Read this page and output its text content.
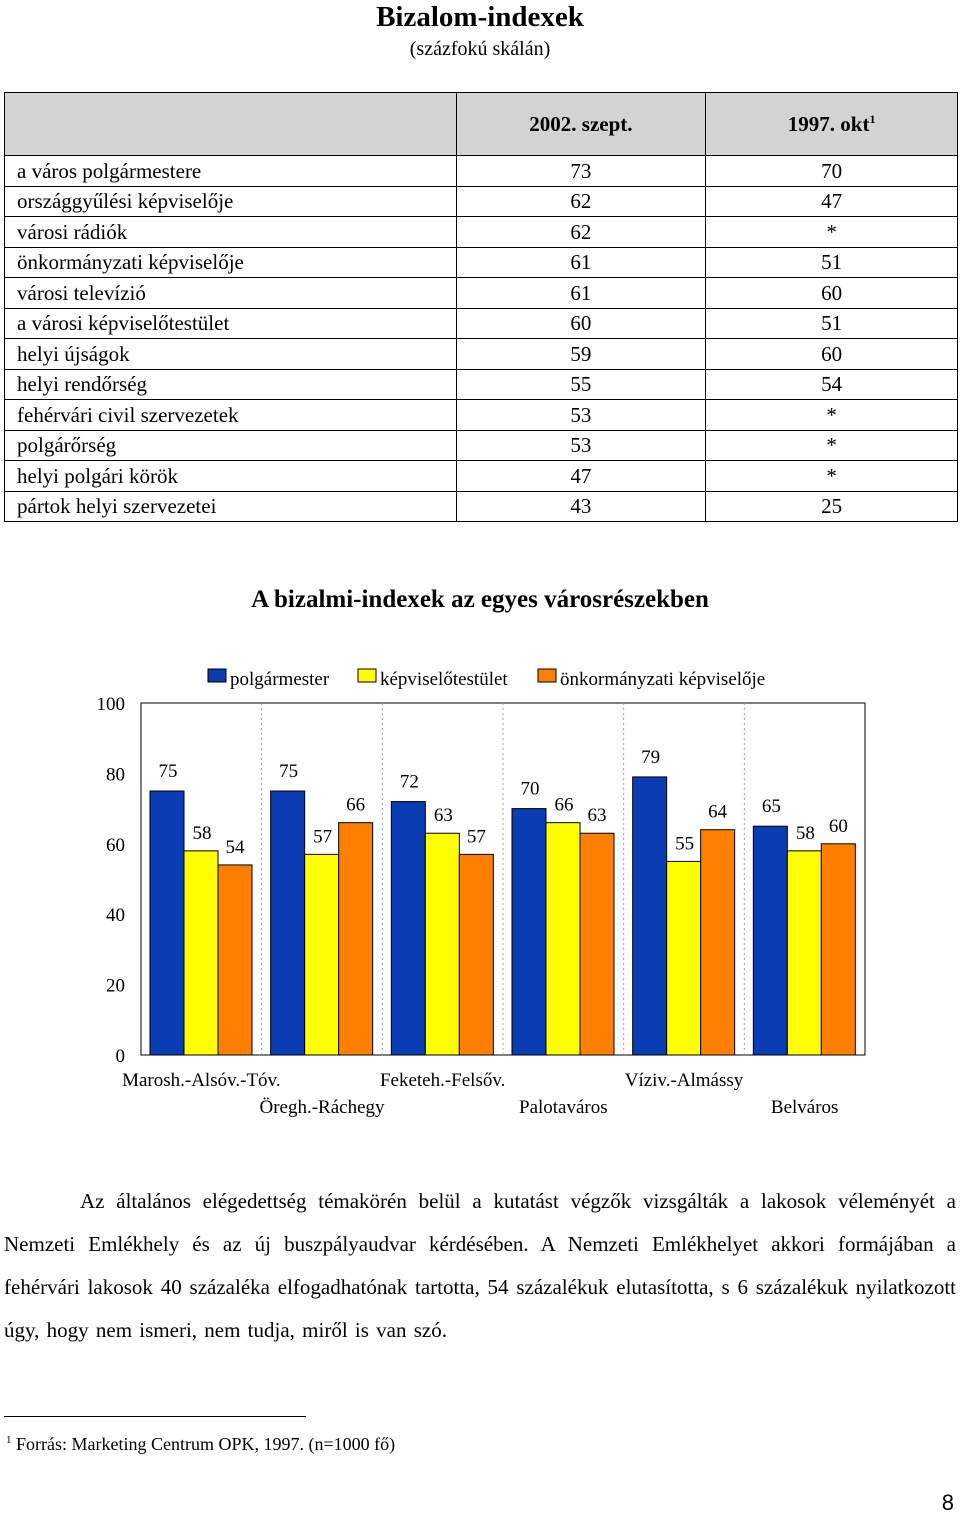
Bizalom-indexek
(százfokú skálán)
	2002. szept.	1997. okt$^1$
a város polgármestere	73	70
országgyűlési képviselője	62	47
városi rádiók	62	*
önkormányzati képviselője	61	51
városi televízió	61	60
a városi képviselőtestület	60	51
helyi újságok	59	60
helyi rendőrség	55	54
fehérvári civil szervezetek	53	*
polgárőrség	53	*
helyi polgári körök	47	*
pártok helyi szervezetei	43	25
A bizalmi-indexek az egyes városrészekben
0
20
40
60
80
100
75	75
72	70
79
65
58	57
63
66
55
58
54
66
57
63	64
60
Marosh.-Alsóv.-Tóv.
Öregh.-Ráchegy
Feketeh.-Felsőv.
Palotaváros
Víziv.-Almássy
Belváros
polgármester	képviselőtestület	önkormányzati képviselője
Az általános elégedettség témakörén belül a kutatást végzők vizsgálták a lakosok véleményét a Nemzeti Emlékhely és az új buszpályaudvar kérdésében. A Nemzeti Emlékhelyet akkori formájában a fehérvári lakosok 40 százaléka elfogadhatónak tartotta, 54 százalékuk elutasította, s 6 százalékuk nyilatkozott úgy, hogy nem ismeri, nem tudja, miről is van szó.
$^1$ Forrás: Marketing Centrum OPK, 1997. (n=1000 fő)
8
